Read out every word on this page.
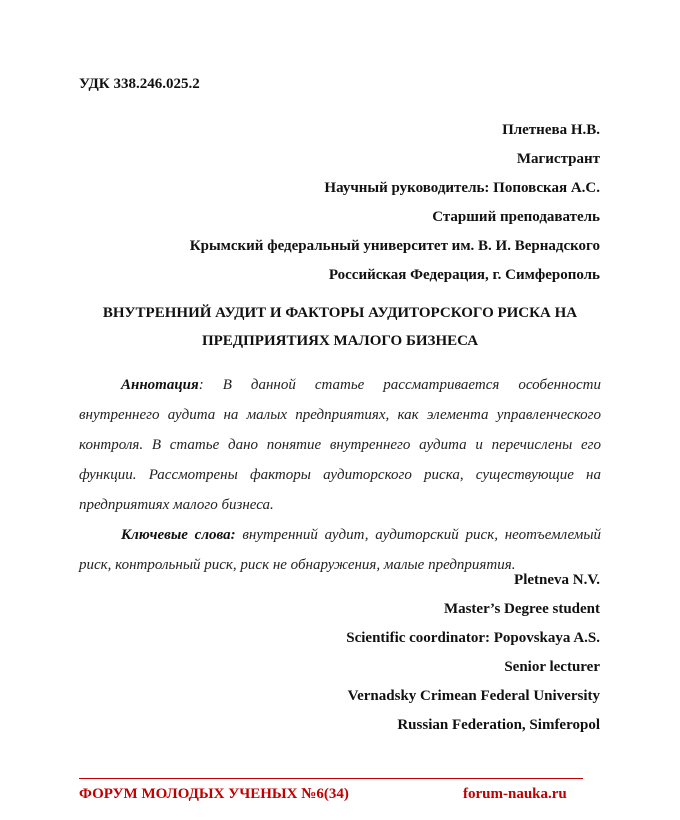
УДК 338.246.025.2
Плетнева Н.В.
Магистрант
Научный руководитель: Поповская А.С.
Старший преподаватель
Крымский федеральный университет им. В. И. Вернадского
Российская Федерация, г. Симферополь
ВНУТРЕННИЙ АУДИТ И ФАКТОРЫ АУДИТОРСКОГО РИСКА НА
ПРЕДПРИЯТИЯХ МАЛОГО БИЗНЕСА

Аннотация: В данной статье рассматривается особенности внутреннего аудита на малых предприятиях, как элемента управленческого контроля. В статье дано понятие внутреннего аудита и перечислены его функции. Рассмотрены факторы аудиторского риска, существующие на предприятиях малого бизнеса.

Ключевые слова: внутренний аудит, аудиторский риск, неотъемлемый риск, контрольный риск, риск не обнаружения, малые предприятия.

Pletneva N.V.
Master’s Degree student
Scientific coordinator: Popovskaya A.S.
Senior lecturer
Vernadsky Crimean Federal University
Russian Federation, Simferopol
ФОРУМ МОЛОДЫХ УЧЕНЫХ №6(34)	forum-nauka.ru
